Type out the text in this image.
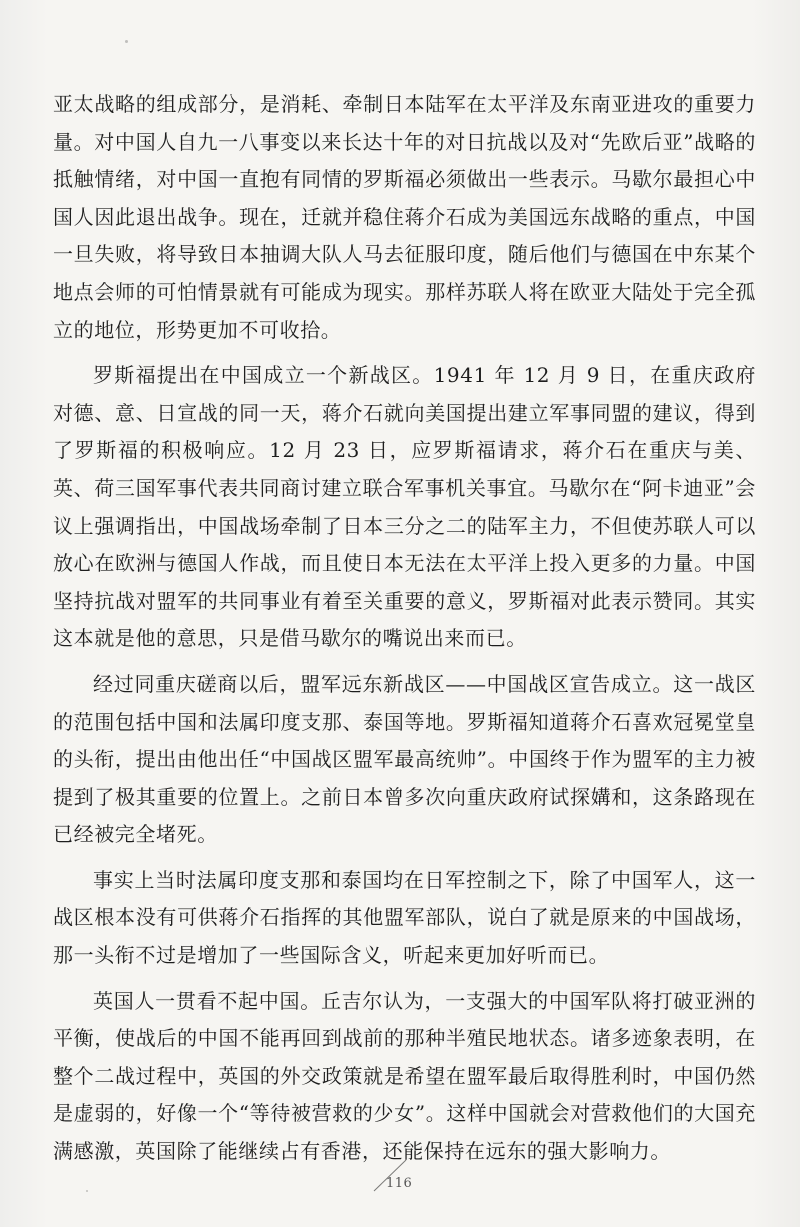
亚太战略的组成部分，是消耗、牵制日本陆军在太平洋及东南亚进攻的重要力量。对中国人自九一八事变以来长达十年的对日抗战以及对“先欧后亚”战略的抵触情绪，对中国一直抱有同情的罗斯福必须做出一些表示。马歇尔最担心中国人因此退出战争。现在，迁就并稳住蒋介石成为美国远东战略的重点，中国一旦失败，将导致日本抽调大队人马去征服印度，随后他们与德国在中东某个地点会师的可怕情景就有可能成为现实。那样苏联人将在欧亚大陆处于完全孤立的地位，形势更加不可收拾。

罗斯福提出在中国成立一个新战区。1941 年 12 月 9 日，在重庆政府对德、意、日宣战的同一天，蒋介石就向美国提出建立军事同盟的建议，得到了罗斯福的积极响应。12 月 23 日，应罗斯福请求，蒋介石在重庆与美、英、荷三国军事代表共同商讨建立联合军事机关事宜。马歇尔在“阿卡迪亚”会议上强调指出，中国战场牵制了日本三分之二的陆军主力，不但使苏联人可以放心在欧洲与德国人作战，而且使日本无法在太平洋上投入更多的力量。中国坚持抗战对盟军的共同事业有着至关重要的意义，罗斯福对此表示赞同。其实这本就是他的意思，只是借马歇尔的嘴说出来而已。

经过同重庆磋商以后，盟军远东新战区——中国战区宣告成立。这一战区的范围包括中国和法属印度支那、泰国等地。罗斯福知道蒋介石喜欢冠冕堂皇的头衔，提出由他出任“中国战区盟军最高统帅”。中国终于作为盟军的主力被提到了极其重要的位置上。之前日本曾多次向重庆政府试探媾和，这条路现在已经被完全堵死。

事实上当时法属印度支那和泰国均在日军控制之下，除了中国军人，这一战区根本没有可供蒋介石指挥的其他盟军部队，说白了就是原来的中国战场，那一头衔不过是增加了一些国际含义，听起来更加好听而已。

英国人一贯看不起中国。丘吉尔认为，一支强大的中国军队将打破亚洲的平衡，使战后的中国不能再回到战前的那种半殖民地状态。诸多迹象表明，在整个二战过程中，英国的外交政策就是希望在盟军最后取得胜利时，中国仍然是虚弱的，好像一个“等待被营救的少女”。这样中国就会对营救他们的大国充满感激，英国除了能继续占有香港，还能保持在远东的强大影响力。

116
